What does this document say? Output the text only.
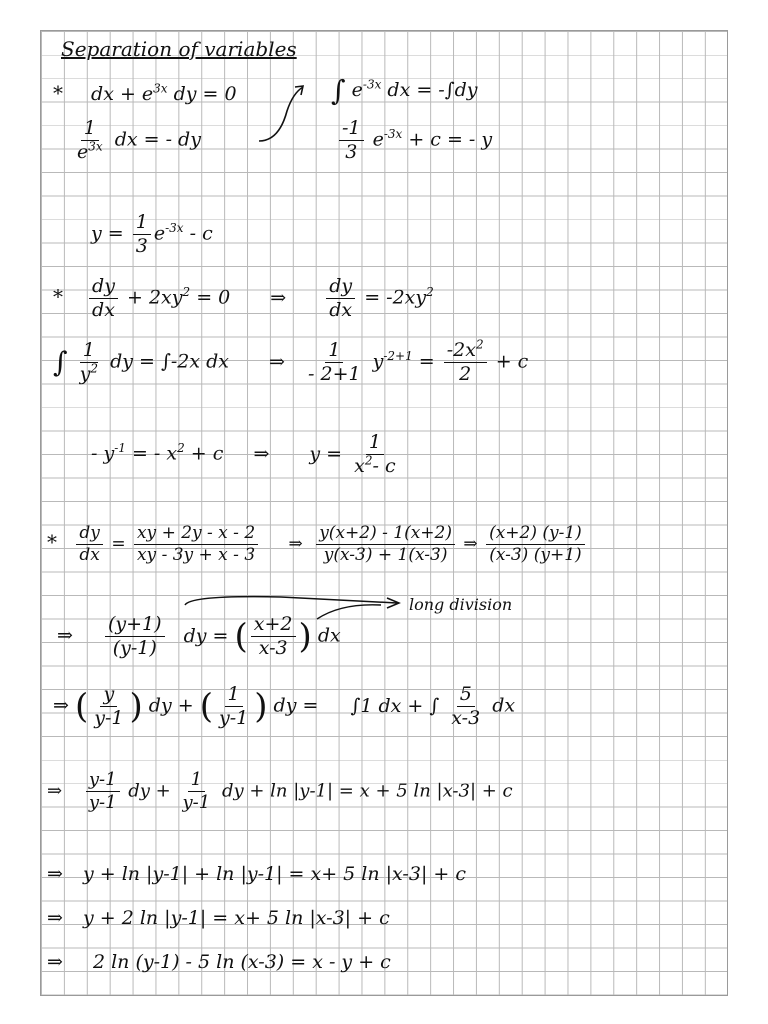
Separation of variables
* dx + $e^{3x}$ dy = 0	∫ $e^{-3x}$ dx = -∫dy
$\frac{1}{e^{3x}}$ dx = - dy	$\frac{-1}{3} e^{-3x} + c$ = - y
$y = \frac{1}{3} e^{-3x} - c$
* $\frac{dy}{dx} + 2xy^2 = 0$ ⇒ $\frac{dy}{dx} = -2xy^2$
∫ $\frac{1}{y^2}$ dy = ∫-2x dx ⇒ $\frac{1}{- 2+1} y^{-2+1} = \frac{-2x^2}{2} + c$
- $y^{-1}$ = - $x^2 + c$ ⇒ $y = \frac{1}{x^2- c}$
* $\frac{dy}{dx} = \frac{xy + 2y - x - 2}{xy - 3y + x - 3}$ ⇒ $\frac{y(x+2) - 1(x+2)}{y(x-3) + 1(x-3)}$ ⇒ $\frac{(x+2) (y-1)}{(x-3) (y+1)}$
⇒ $\frac{(y+1)}{(y-1)}$ dy = ( $\frac{x+2}{x-3}$ ) dx
long division
⇒ ( $\frac{y}{y-1}$ ) dy + ( $\frac{1}{y-1}$ ) dy = ∫1 dx + ∫ $\frac{5}{x-3}$ dx
⇒ $\frac{y-1}{y-1}$ dy + $\frac{1}{y-1}$ dy + ln |y-1| = x + 5 ln |x-3| + c
⇒ y + ln |y-1| + ln |y-1| = x+ 5 ln |x-3| + c
⇒ y + 2 ln |y-1| = x+ 5 ln |x-3| + c
⇒ 2 ln (y-1) - 5 ln (x-3) = x - y + c
